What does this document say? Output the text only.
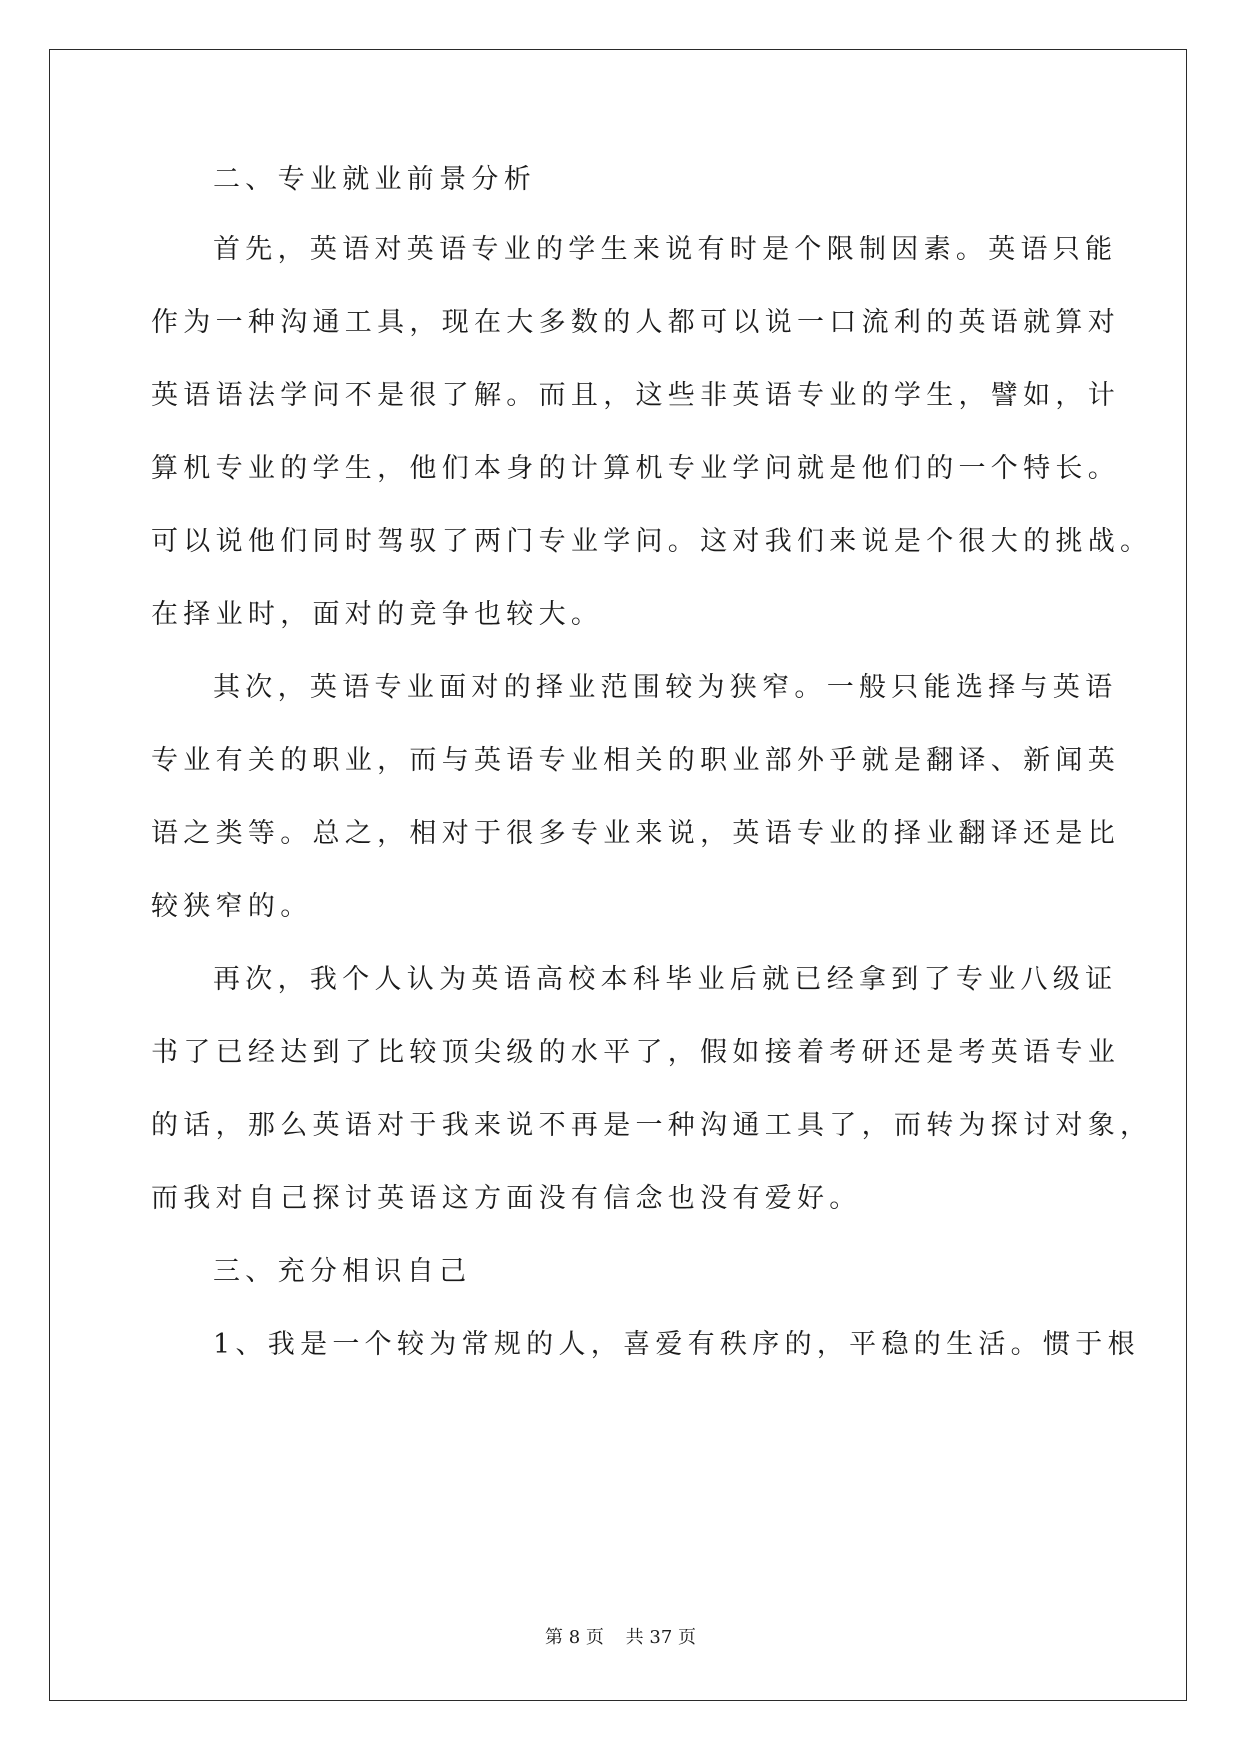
二、专业就业前景分析
首先，英语对英语专业的学生来说有时是个限制因素。英语只能
作为一种沟通工具，现在大多数的人都可以说一口流利的英语就算对
英语语法学问不是很了解。而且，这些非英语专业的学生，譬如，计
算机专业的学生，他们本身的计算机专业学问就是他们的一个特长。
可以说他们同时驾驭了两门专业学问。这对我们来说是个很大的挑战。
在择业时，面对的竞争也较大。
其次，英语专业面对的择业范围较为狭窄。一般只能选择与英语
专业有关的职业，而与英语专业相关的职业部外乎就是翻译、新闻英
语之类等。总之，相对于很多专业来说，英语专业的择业翻译还是比
较狭窄的。
再次，我个人认为英语高校本科毕业后就已经拿到了专业八级证
书了已经达到了比较顶尖级的水平了，假如接着考研还是考英语专业
的话，那么英语对于我来说不再是一种沟通工具了，而转为探讨对象，
而我对自己探讨英语这方面没有信念也没有爱好。
三、充分相识自己
1、我是一个较为常规的人，喜爱有秩序的，平稳的生活。惯于根
第 8 页 共 37 页
